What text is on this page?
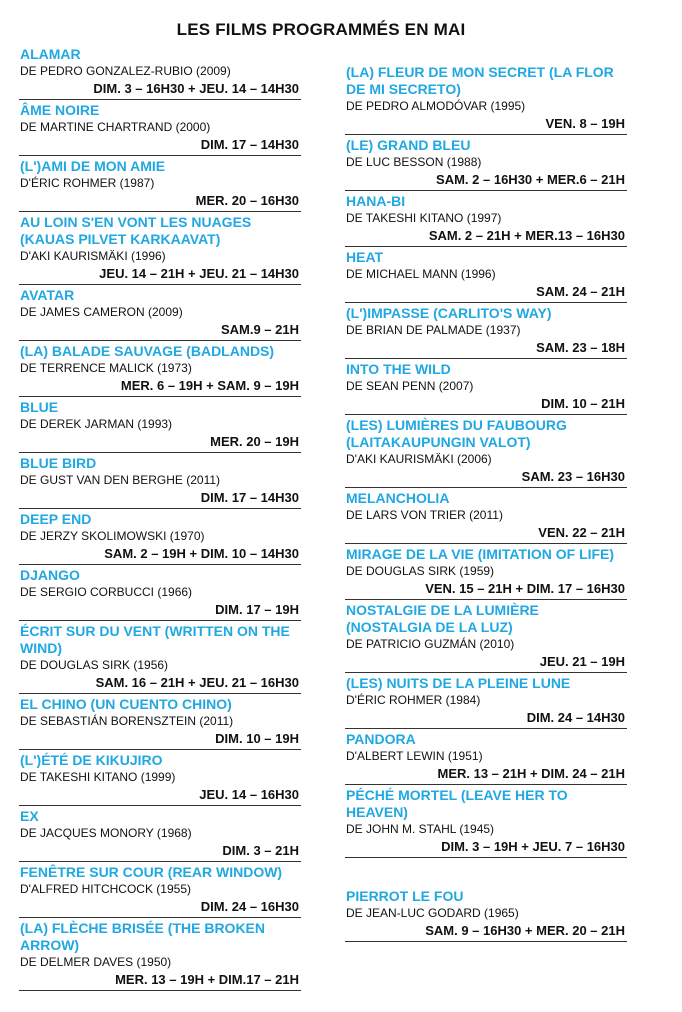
LES FILMS PROGRAMMÉS EN MAI
ALAMAR
DE PEDRO GONZALEZ-RUBIO (2009)
DIM. 3 – 16H30 + JEU. 14 – 14H30
ÂME NOIRE
DE MARTINE CHARTRAND (2000)
DIM. 17 – 14H30
(L')AMI DE MON AMIE
D'ÉRIC ROHMER (1987)
MER. 20 – 16H30
AU LOIN S'EN VONT LES NUAGES (KAUAS PILVET KARKAAVAT)
D'AKI KAURISMÄKI (1996)
JEU. 14 – 21H + JEU. 21 – 14H30
AVATAR
DE JAMES CAMERON (2009)
SAM.9 – 21H
(LA) BALADE SAUVAGE (BADLANDS)
DE TERRENCE MALICK (1973)
MER. 6 – 19H + SAM. 9 – 19H
BLUE
DE DEREK JARMAN (1993)
MER. 20 – 19H
BLUE BIRD
DE GUST VAN DEN BERGHE (2011)
DIM. 17 – 14H30
DEEP END
DE JERZY SKOLIMOWSKI (1970)
SAM. 2 – 19H + DIM. 10 – 14H30
DJANGO
DE SERGIO CORBUCCI (1966)
DIM. 17 – 19H
ÉCRIT SUR DU VENT (WRITTEN ON THE WIND)
DE DOUGLAS SIRK (1956)
SAM. 16 – 21H + JEU. 21 – 16H30
EL CHINO (UN CUENTO CHINO)
DE SEBASTIÁN BORENSZTEIN (2011)
DIM. 10 – 19H
(L')ÉTÉ DE KIKUJIRO
DE TAKESHI KITANO (1999)
JEU. 14 – 16H30
EX
DE JACQUES MONORY (1968)
DIM. 3 – 21H
FENÊTRE SUR COUR (REAR WINDOW)
D'ALFRED HITCHCOCK (1955)
DIM. 24 – 16H30
(LA) FLÈCHE BRISÉE (THE BROKEN ARROW)
DE DELMER DAVES (1950)
MER. 13 – 19H + DIM.17 – 21H
(LA) FLEUR DE MON SECRET (LA FLOR DE MI SECRETO)
DE PEDRO ALMODÓVAR (1995)
VEN. 8 – 19H
(LE) GRAND BLEU
DE LUC BESSON (1988)
SAM. 2 – 16H30 + MER.6 – 21H
HANA-BI
DE TAKESHI KITANO (1997)
SAM. 2 – 21H + MER.13 – 16H30
HEAT
DE MICHAEL MANN (1996)
SAM. 24 – 21H
(L')IMPASSE (CARLITO'S WAY)
DE BRIAN DE PALMADE (1937)
SAM. 23 – 18H
INTO THE WILD
DE SEAN PENN (2007)
DIM. 10 – 21H
(LES) LUMIÈRES DU FAUBOURG (LAITAKAUPUNGIN VALOT)
D'AKI KAURISMÄKI (2006)
SAM. 23 – 16H30
MELANCHOLIA
DE LARS VON TRIER (2011)
VEN. 22 – 21H
MIRAGE DE LA VIE (IMITATION OF LIFE)
DE DOUGLAS SIRK (1959)
VEN. 15 – 21H + DIM. 17 – 16H30
NOSTALGIE DE LA LUMIÈRE (NOSTALGIA DE LA LUZ)
DE PATRICIO GUZMÁN (2010)
JEU. 21 – 19H
(LES) NUITS DE LA PLEINE LUNE
D'ÉRIC ROHMER (1984)
DIM. 24 – 14H30
PANDORA
D'ALBERT LEWIN (1951)
MER. 13 – 21H + DIM. 24 – 21H
PÉCHÉ MORTEL (LEAVE HER TO HEAVEN)
DE JOHN M. STAHL (1945)
DIM. 3 – 19H + JEU. 7 – 16H30
PIERROT LE FOU
DE JEAN-LUC GODARD (1965)
SAM. 9 – 16H30 + MER. 20 – 21H
